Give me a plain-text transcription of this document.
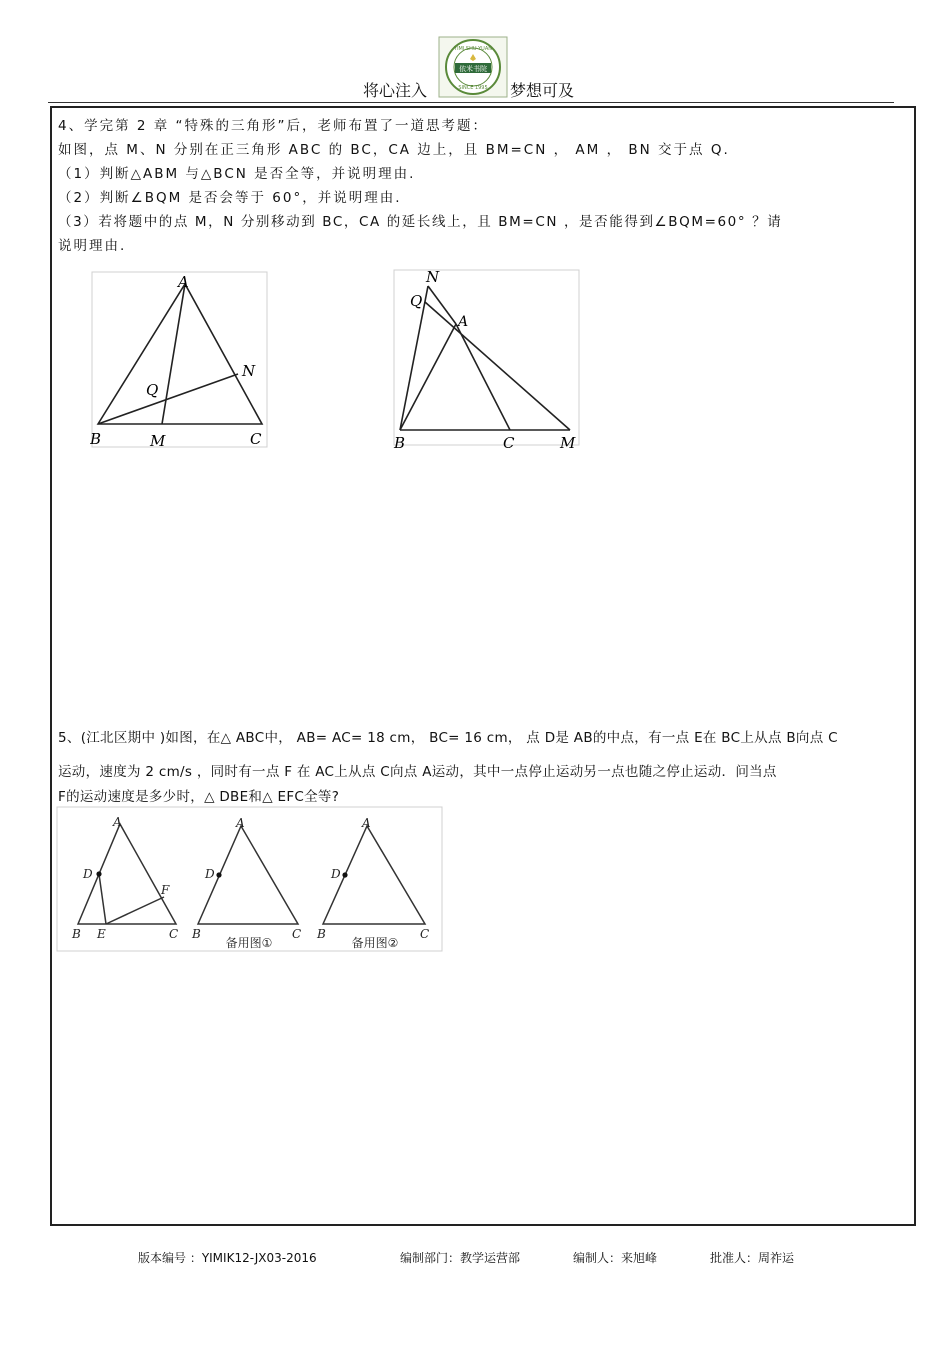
将心注入
YIMI SHU YUAN
依米书院
SINCE 1995 梦想可及
4、学完第 2 章 “特殊的三角形”后，老师布置了一道思考题：
如图，点 M、N 分别在正三角形 ABC 的 BC，CA 边上，且 BM=CN ， AM ， BN 交于点 Q.
（1）判断△ABM 与△BCN 是否全等，并说明理由.
（2）判断∠BQM 是否会等于 60°，并说明理由.
（3）若将题中的点 M，N 分别移动到 BC，CA 的延长线上，且 BM=CN ，是否能得到∠BQM=60° ？请
说明理由.
A
B	C
M
N
Q
N
Q
A
B	C	M
5、(江北区期中 )如图，在△ ABC中， AB= AC= 18 cm， BC= 16 cm， 点 D是 AB的中点，有一点 E在 BC上从点 B向点 C
运动，速度为 2 cm/s ，同时有一点 F 在 AC上从点 C向点 A运动，其中一点停止运动另一点也随之停止运动．问当点
F的运动速度是多少时，△ DBE和△ EFC全等?
A
D
F
B E	C
A
D
B	C
A
D
B	C
备用图①	备用图②
版本编号 ：YIMIK12-JX03-2016	编制部门：教学运营部	编制人：来旭峰	批准人：周祚运
